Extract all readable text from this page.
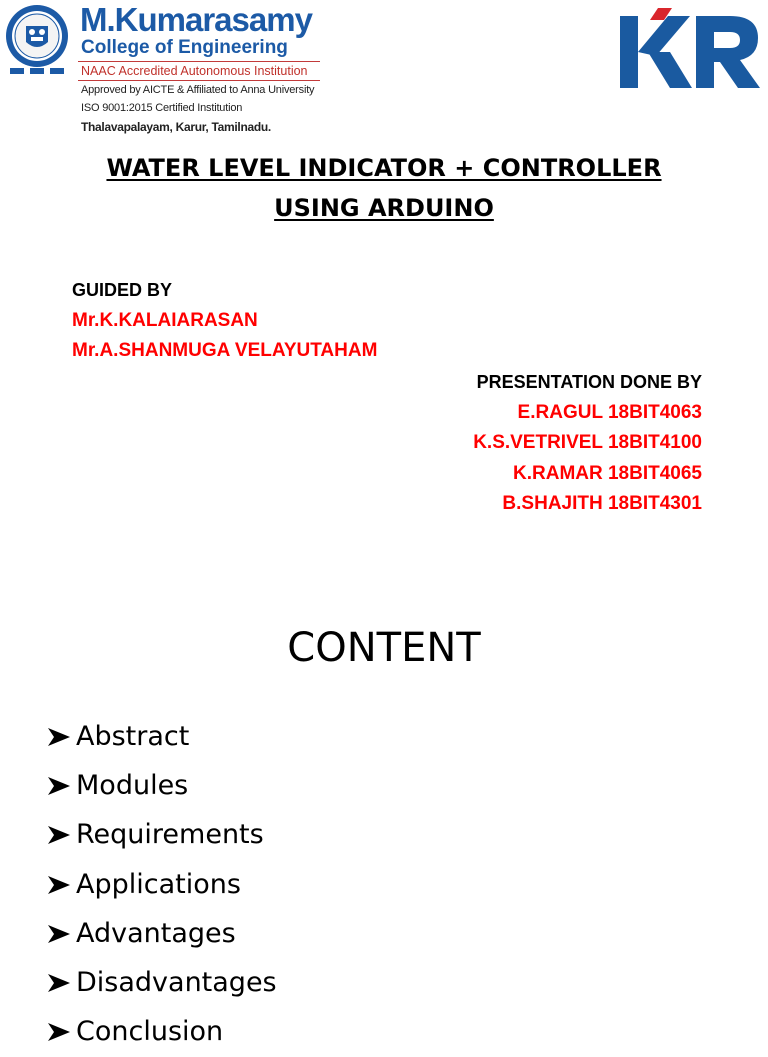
M.Kumarasamy
College of Engineering
NAAC Accredited Autonomous Institution
Approved by AICTE & Affiliated to Anna University
ISO 9001:2015 Certified Institution
Thalavapalayam, Karur, Tamilnadu.
WATER LEVEL INDICATOR + CONTROLLER
USING ARDUINO
GUIDED BY
Mr.K.KALAIARASAN
Mr.A.SHANMUGA VELAYUTAHAM
PRESENTATION DONE BY
E.RAGUL 18BIT4063
K.S.VETRIVEL 18BIT4100
K.RAMAR 18BIT4065
B.SHAJITH 18BIT4301
CONTENT
Abstract
Modules
Requirements
Applications
Advantages
Disadvantages
Conclusion
